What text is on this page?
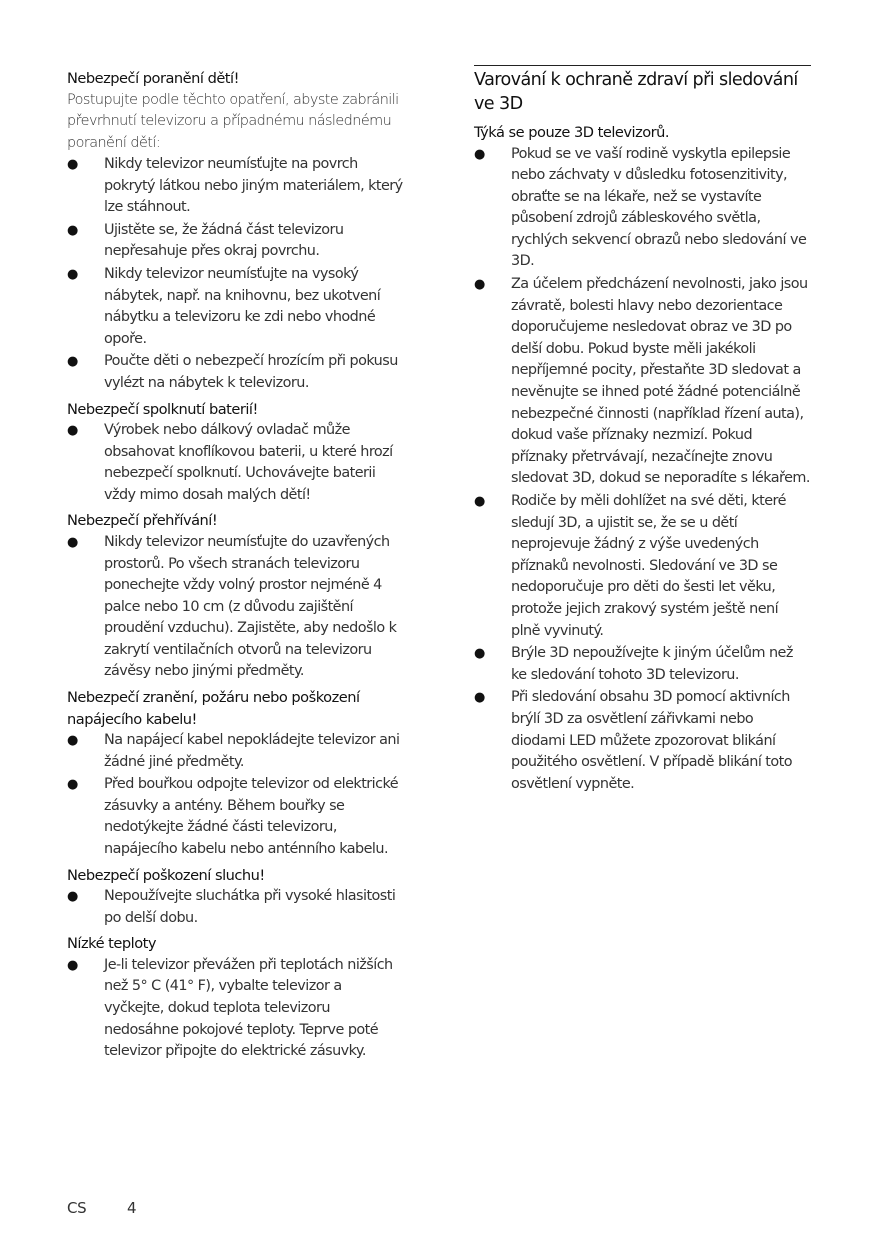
Nebezpečí poranění dětí!

Postupujte podle těchto opatření, abyste zabránili převrhnutí televizoru a případnému následnému poranění dětí:

● Nikdy televizor neumísťujte na povrch pokrytý látkou nebo jiným materiálem, který lze stáhnout.
● Ujistěte se, že žádná část televizoru nepřesahuje přes okraj povrchu.
● Nikdy televizor neumísťujte na vysoký nábytek, např. na knihovnu, bez ukotvení nábytku a televizoru ke zdi nebo vhodné opoře.
● Poučte děti o nebezpečí hrozícím při pokusu vylézt na nábytek k televizoru.
Nebezpečí spolknutí baterií!
● Výrobek nebo dálkový ovladač může obsahovat knoflíkovou baterii, u které hrozí nebezpečí spolknutí. Uchovávejte baterii vždy mimo dosah malých dětí!
Nebezpečí přehřívání!
● Nikdy televizor neumísťujte do uzavřených prostorů. Po všech stranách televizoru ponechejte vždy volný prostor nejméně 4 palce nebo 10 cm (z důvodu zajištění proudění vzduchu). Zajistěte, aby nedošlo k zakrytí ventilačních otvorů na televizoru závěsy nebo jinými předměty.
Nebezpečí zranění, požáru nebo poškození napájecího kabelu!
● Na napájecí kabel nepokládejte televizor ani žádné jiné předměty.
● Před bouřkou odpojte televizor od elektrické zásuvky a antény. Během bouřky se nedotýkejte žádné části televizoru, napájecího kabelu nebo anténního kabelu.
Nebezpečí poškození sluchu!
● Nepoužívejte sluchátka při vysoké hlasitosti po delší dobu.
Nízké teploty
● Je-li televizor převážen při teplotách nižších než 5° C (41° F), vybalte televizor a vyčkejte, dokud teplota televizoru nedosáhne pokojové teploty. Teprve poté televizor připojte do elektrické zásuvky.
Varování k ochraně zdraví při sledování ve 3D
Týká se pouze 3D televizorů.
● Pokud se ve vaší rodině vyskytla epilepsie nebo záchvaty v důsledku fotosenzitivity, obraťte se na lékaře, než se vystavíte působení zdrojů zábleskového světla, rychlých sekvencí obrazů nebo sledování ve 3D.
● Za účelem předcházení nevolnosti, jako jsou závratě, bolesti hlavy nebo dezorientace doporučujeme nesledovat obraz ve 3D po delší dobu. Pokud byste měli jakékoli nepříjemné pocity, přestaňte 3D sledovat a nevěnujte se ihned poté žádné potenciálně nebezpečné činnosti (například řízení auta), dokud vaše příznaky nezmizí. Pokud příznaky přetrvávají, nezačínejte znovu sledovat 3D, dokud se neporadíte s lékařem.
● Rodiče by měli dohlížet na své děti, které sledují 3D, a ujistit se, že se u dětí neprojevuje žádný z výše uvedených příznaků nevolnosti. Sledování ve 3D se nedoporučuje pro děti do šesti let věku, protože jejich zrakový systém ještě není plně vyvinutý.
● Brýle 3D nepoužívejte k jiným účelům než ke sledování tohoto 3D televizoru.
● Při sledování obsahu 3D pomocí aktivních brýlí 3D za osvětlení zářivkami nebo diodami LED můžete zpozorovat blikání použitého osvětlení. V případě blikání toto osvětlení vypněte.
CS	4
